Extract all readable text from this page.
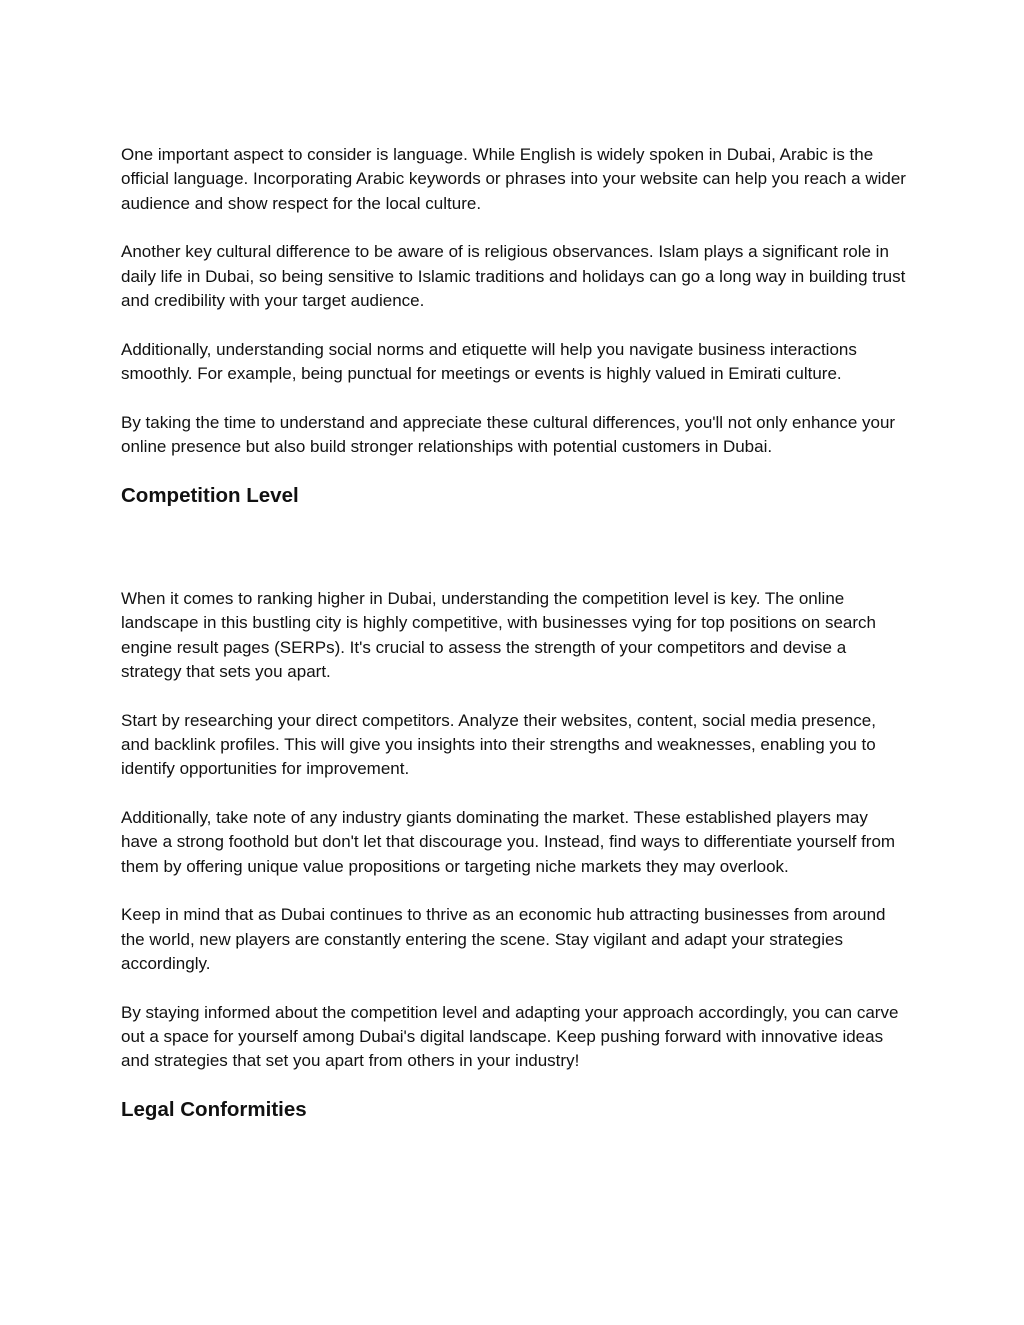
One important aspect to consider is language. While English is widely spoken in Dubai, Arabic is the official language. Incorporating Arabic keywords or phrases into your website can help you reach a wider audience and show respect for the local culture.

Another key cultural difference to be aware of is religious observances. Islam plays a significant role in daily life in Dubai, so being sensitive to Islamic traditions and holidays can go a long way in building trust and credibility with your target audience.

Additionally, understanding social norms and etiquette will help you navigate business interactions smoothly. For example, being punctual for meetings or events is highly valued in Emirati culture.

By taking the time to understand and appreciate these cultural differences, you'll not only enhance your online presence but also build stronger relationships with potential customers in Dubai.

Competition Level

When it comes to ranking higher in Dubai, understanding the competition level is key. The online landscape in this bustling city is highly competitive, with businesses vying for top positions on search engine result pages (SERPs). It's crucial to assess the strength of your competitors and devise a strategy that sets you apart.

Start by researching your direct competitors. Analyze their websites, content, social media presence, and backlink profiles. This will give you insights into their strengths and weaknesses, enabling you to identify opportunities for improvement.

Additionally, take note of any industry giants dominating the market. These established players may have a strong foothold but don't let that discourage you. Instead, find ways to differentiate yourself from them by offering unique value propositions or targeting niche markets they may overlook.

Keep in mind that as Dubai continues to thrive as an economic hub attracting businesses from around the world, new players are constantly entering the scene. Stay vigilant and adapt your strategies accordingly.

By staying informed about the competition level and adapting your approach accordingly, you can carve out a space for yourself among Dubai's digital landscape. Keep pushing forward with innovative ideas and strategies that set you apart from others in your industry!

Legal Conformities
